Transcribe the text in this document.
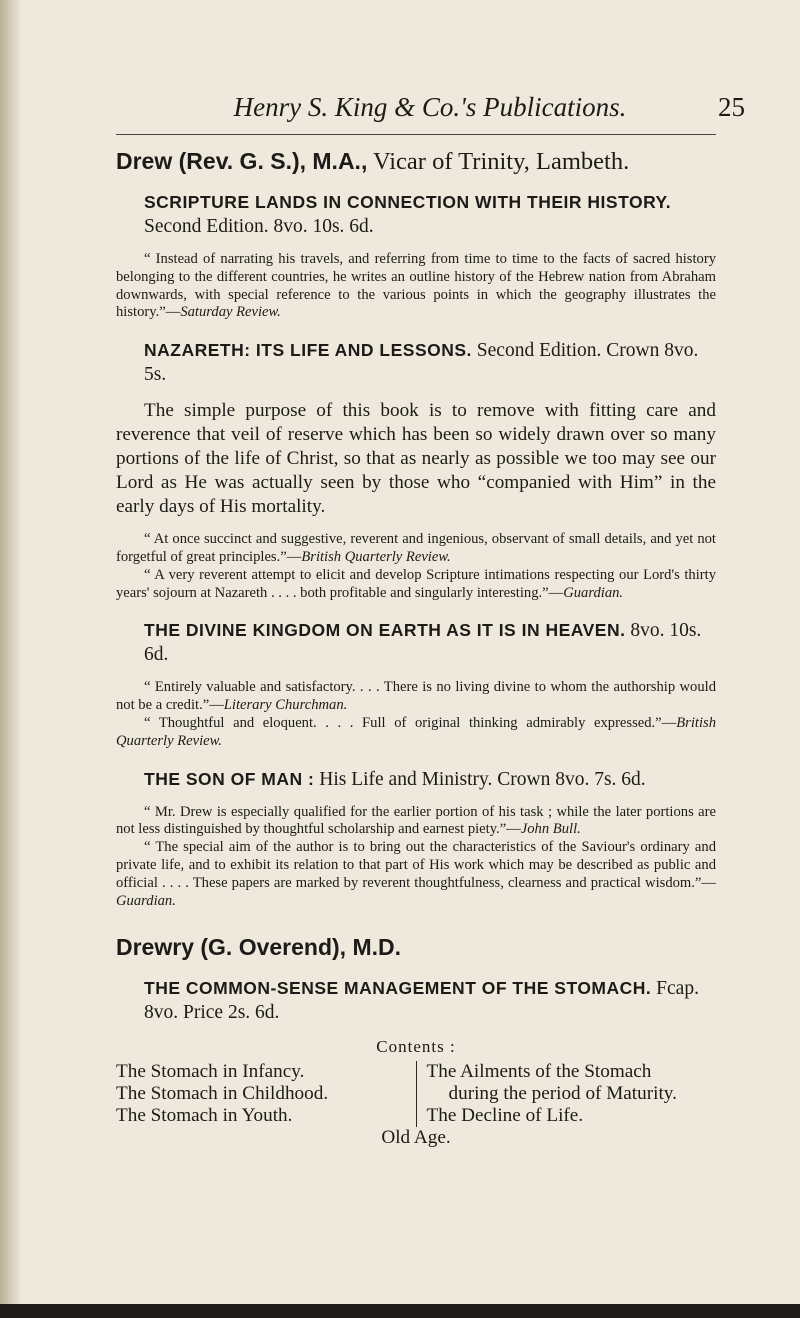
Henry S. King & Co.'s Publications.	25

Drew (Rev. G. S.), M.A., Vicar of Trinity, Lambeth.

SCRIPTURE LANDS IN CONNECTION WITH THEIR HISTORY. Second Edition. 8vo. 10s. 6d.

“ Instead of narrating his travels, and referring from time to time to the facts of sacred history belonging to the different countries, he writes an outline history of the Hebrew nation from Abraham downwards, with special reference to the various points in which the geography illustrates the history.”—Saturday Review.

NAZARETH: ITS LIFE AND LESSONS. Second Edition. Crown 8vo. 5s.

The simple purpose of this book is to remove with fitting care and reverence that veil of reserve which has been so widely drawn over so many portions of the life of Christ, so that as nearly as possible we too may see our Lord as He was actually seen by those who “companied with Him” in the early days of His mortality.

“ At once succinct and suggestive, reverent and ingenious, observant of small details, and yet not forgetful of great principles.”—British Quarterly Review.

“ A very reverent attempt to elicit and develop Scripture intimations respecting our Lord's thirty years' sojourn at Nazareth . . . . both profitable and singularly interesting.”—Guardian.

THE DIVINE KINGDOM ON EARTH AS IT IS IN HEAVEN. 8vo. 10s. 6d.

“ Entirely valuable and satisfactory. . . . There is no living divine to whom the authorship would not be a credit.”—Literary Churchman.

“ Thoughtful and eloquent. . . . Full of original thinking admirably expressed.”—British Quarterly Review.

THE SON OF MAN : His Life and Ministry. Crown 8vo. 7s. 6d.

“ Mr. Drew is especially qualified for the earlier portion of his task ; while the later portions are not less distinguished by thoughtful scholarship and earnest piety.”—John Bull.

“ The special aim of the author is to bring out the characteristics of the Saviour's ordinary and private life, and to exhibit its relation to that part of His work which may be described as public and official . . . . These papers are marked by reverent thoughtfulness, clearness and practical wisdom.”—Guardian.

Drewry (G. Overend), M.D.

THE COMMON-SENSE MANAGEMENT OF THE STOMACH. Fcap. 8vo. Price 2s. 6d.

Contents :

The Stomach in Infancy.
The Stomach in Childhood.
The Stomach in Youth.
The Ailments of the Stomach
during the period of Maturity.
The Decline of Life.
Old Age.
